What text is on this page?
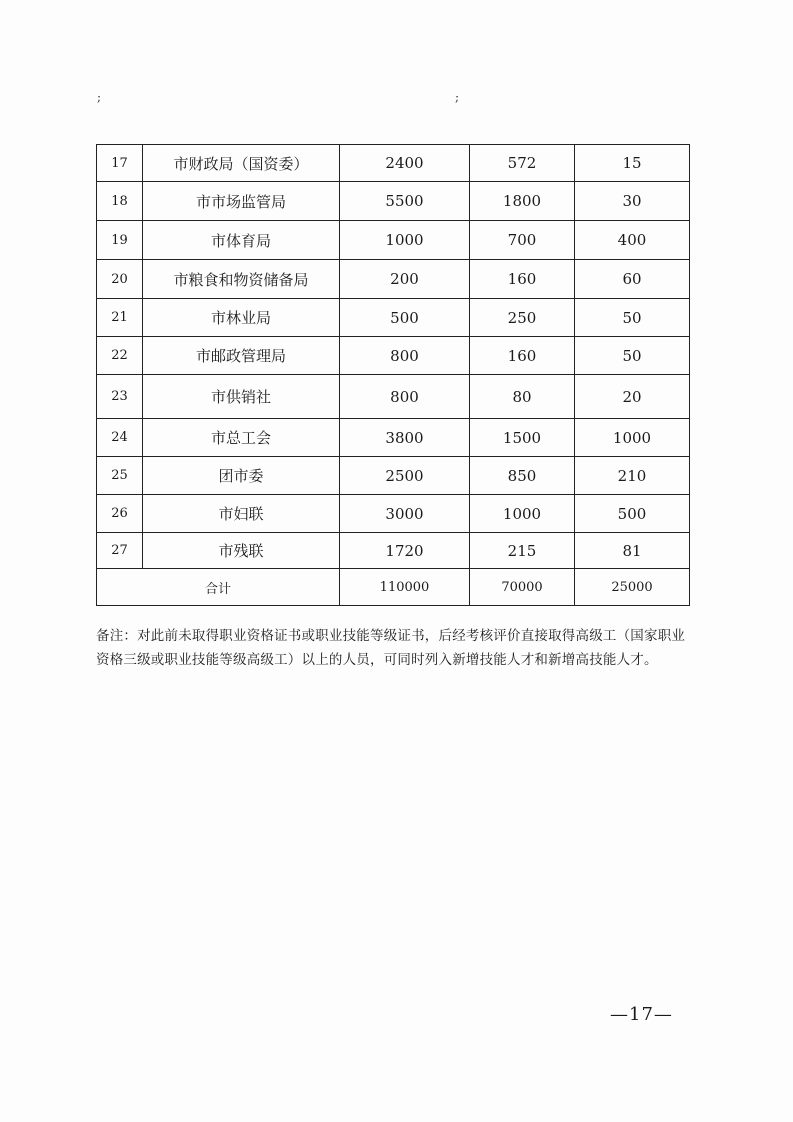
;	;
17	市财政局（国资委）	2400	572	15
18	市市场监管局	5500	1800	30
19	市体育局	1000	700	400
20	市粮食和物资储备局	200	160	60
21	市林业局	500	250	50
22	市邮政管理局	800	160	50
23	市供销社	800	80	20
24	市总工会	3800	1500	1000
25	团市委	2500	850	210
26	市妇联	3000	1000	500
27	市残联	1720	215	81
合计		110000	70000	25000
备注：对此前未取得职业资格证书或职业技能等级证书，后经考核评价直接取得高级工（国家职业资格三级或职业技能等级高级工）以上的人员，可同时列入新增技能人才和新增高技能人才。
—17—
